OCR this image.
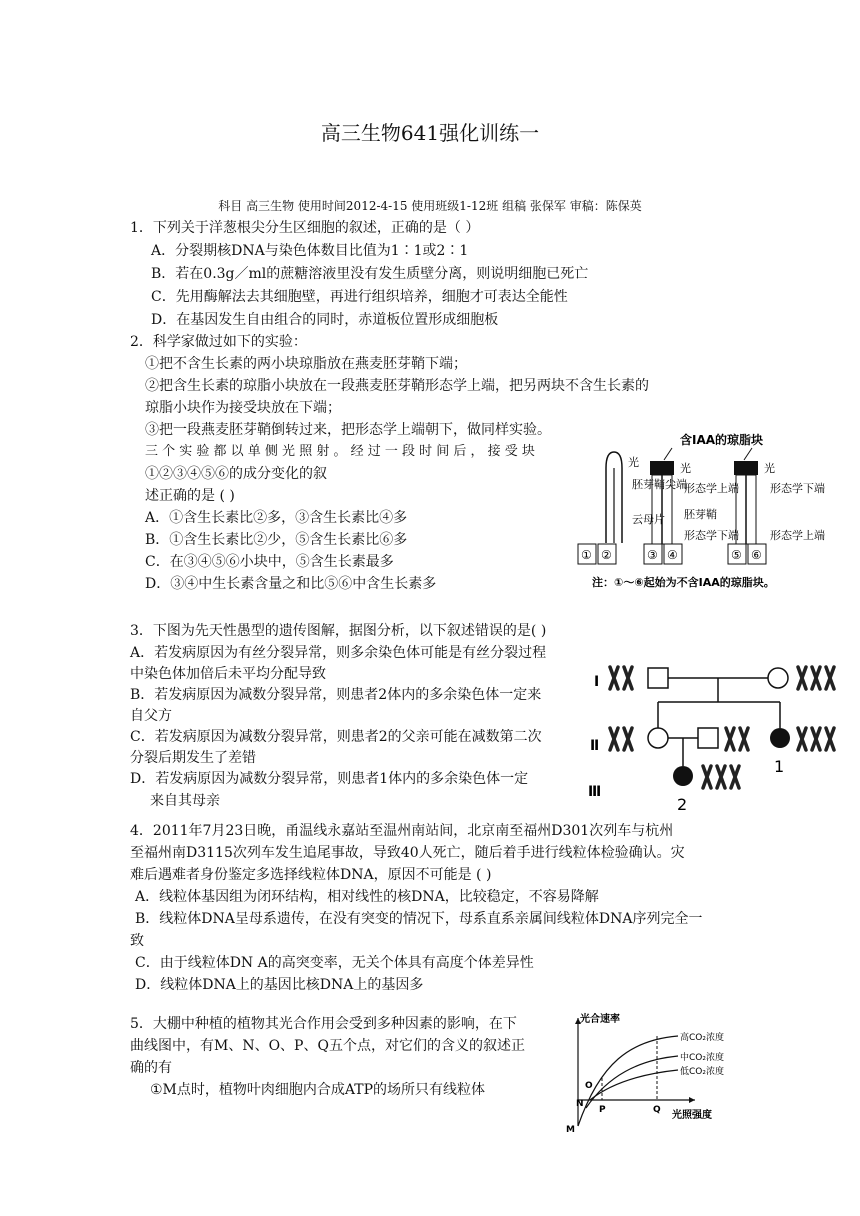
高三生物641强化训练一
科目 高三生物 使用时间2012-4-15 使用班级1-12班 组稿 张保军 审稿：陈保英
1．下列关于洋葱根尖分生区细胞的叙述，正确的是（ ）
A．分裂期核DNA与染色体数目比值为1∶1或2∶1
B．若在0.3g／ml的蔗糖溶液里没有发生质壁分离，则说明细胞已死亡
C．先用酶解法去其细胞壁，再进行组织培养，细胞才可表达全能性
D．在基因发生自由组合的同时，赤道板位置形成细胞板
2．科学家做过如下的实验：
①把不含生长素的两小块琼脂放在燕麦胚芽鞘下端；
②把含生长素的琼脂小块放在一段燕麦胚芽鞘形态学上端，把另两块不含生长素的
琼脂小块作为接受块放在下端；
③把一段燕麦胚芽鞘倒转过来，把形态学上端朝下，做同样实验。
三 个 实 验 都 以 单 侧 光 照 射 。 经 过 一 段 时 间 后 ， 接 受 块
①②③④⑤⑥的成分变化的叙
述正确的是 ( )
A．①含生长素比②多，③含生长素比④多
B．①含生长素比②少，⑤含生长素比⑥多
C．在③④⑤⑥小块中，⑤含生长素最多
D．③④中生长素含量之和比⑤⑥中含生长素多
含IAA的琼脂块
光
胚芽鞘尖端
云母片
① ②
光
形态学上端
胚芽鞘
形态学下端
③ ④
光
形态学下端
形态学上端
⑤ ⑥
注：①～⑥起始为不含IAA的琼脂块。
3．下图为先天性愚型的遗传图解，据图分析，以下叙述错误的是( )
A．若发病原因为有丝分裂异常，则多余染色体可能是有丝分裂过程
中染色体加倍后未平均分配导致
B．若发病原因为减数分裂异常，则患者2体内的多余染色体一定来
自父方
C．若发病原因为减数分裂异常，则患者2的父亲可能在减数第二次
分裂后期发生了差错
D．若发病原因为减数分裂异常，则患者1体内的多余染色体一定
来自其母亲
Ⅰ
Ⅱ
Ⅲ
1
2
4．2011年7月23日晚，甬温线永嘉站至温州南站间，北京南至福州D301次列车与杭州
至福州南D3115次列车发生追尾事故，导致40人死亡，随后着手进行线粒体检验确认。灾
难后遇难者身份鉴定多选择线粒体DNA，原因不可能是 ( )
A．线粒体基因组为闭环结构，相对线性的核DNA，比较稳定，不容易降解
B．线粒体DNA呈母系遗传，在没有突变的情况下，母系直系亲属间线粒体DNA序列完全一
致
C．由于线粒体DN A的高突变率，无关个体具有高度个体差异性
D．线粒体DNA上的基因比核DNA上的基因多
5．大棚中种植的植物其光合作用会受到多种因素的影响，在下
曲线图中，有M、N、O、P、Q五个点，对它们的含义的叙述正
确的有
①M点时，植物叶肉细胞内合成ATP的场所只有线粒体
光合速率
光照强度
高CO₂浓度
中CO₂浓度
低CO₂浓度
M
N
O
P	Q
